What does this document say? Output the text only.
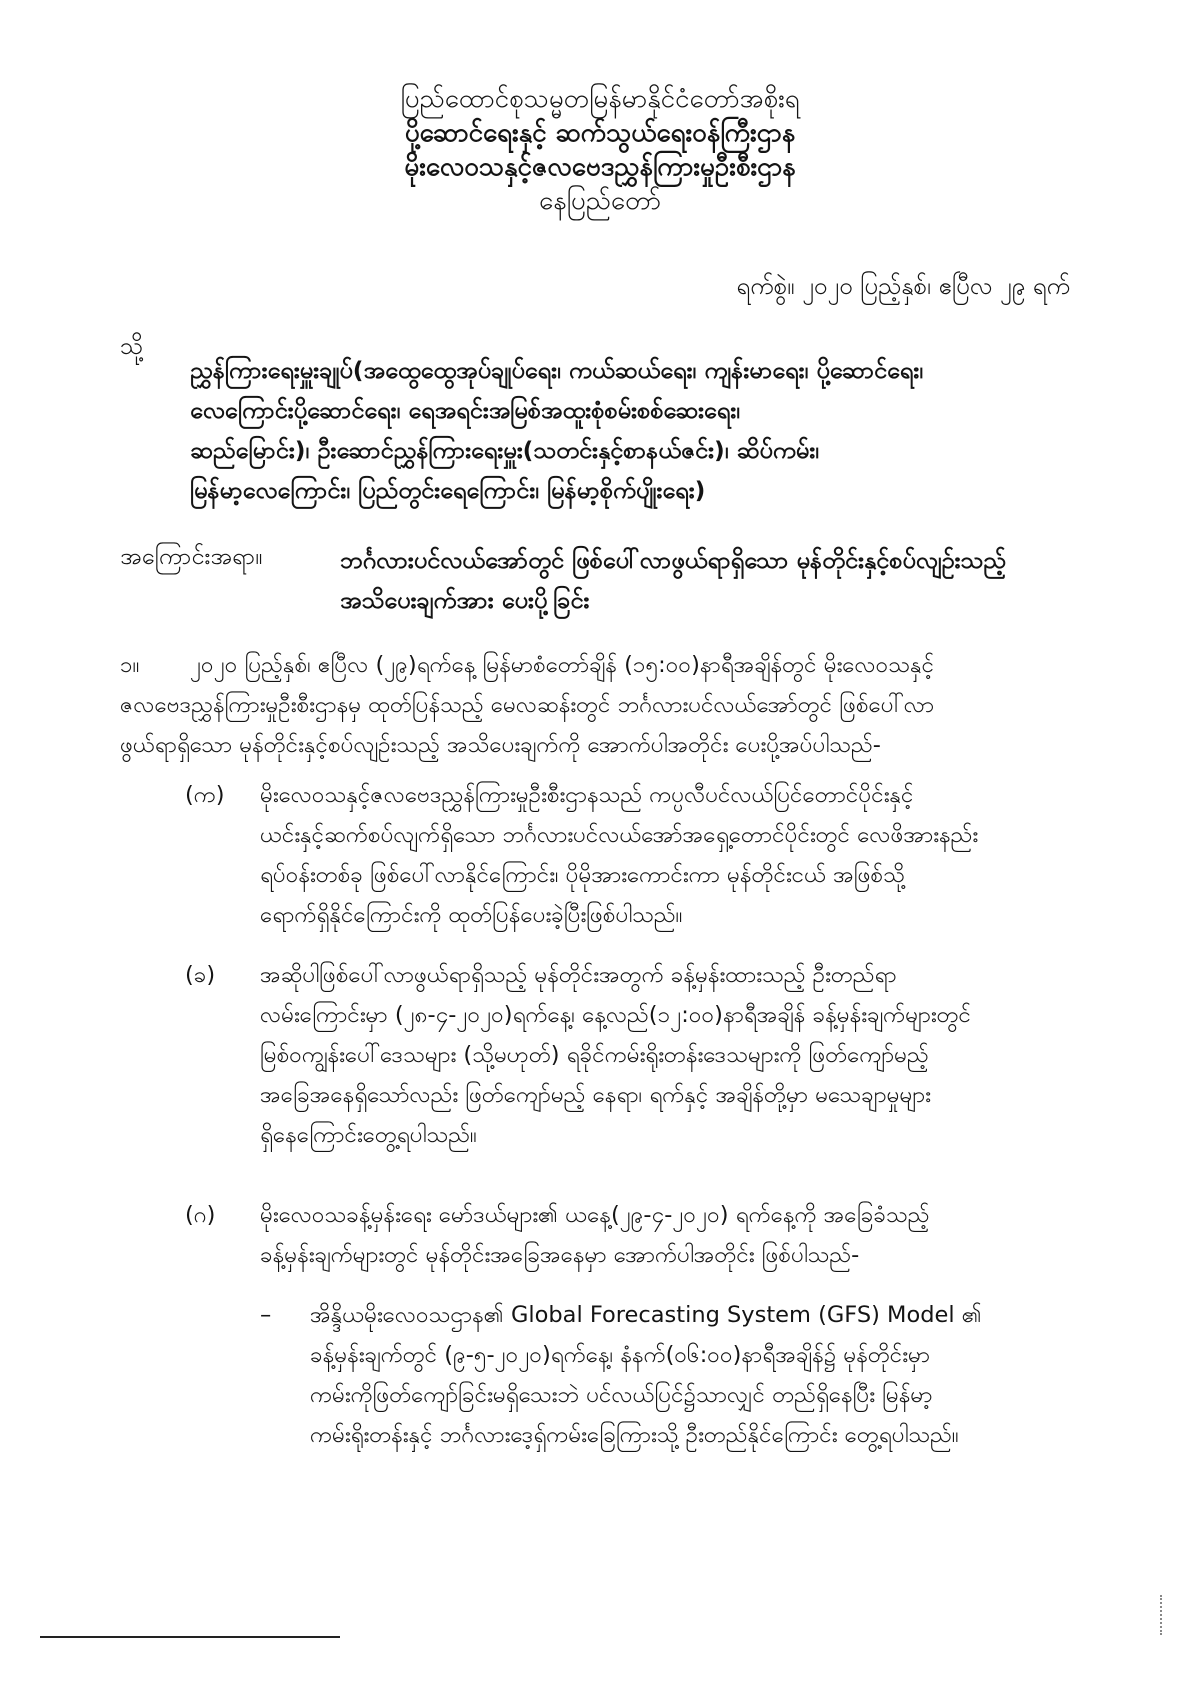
ပြည်ထောင်စုသမ္မတမြန်မာနိုင်ငံတော်အစိုးရ
ပို့ဆောင်ရေးနှင့် ဆက်သွယ်ရေးဝန်ကြီးဌာန
မိုးလေဝသနှင့်ဇလဗေဒညွှန်ကြားမှုဦးစီးဌာန
နေပြည်တော်
ရက်စွဲ။ ၂၀၂၀ ပြည့်နှစ်၊ ဧပြီလ ၂၉ ရက်
သို့
ညွှန်ကြားရေးမှူးချုပ်(အထွေထွေအုပ်ချုပ်ရေး၊ ကယ်ဆယ်ရေး၊ ကျန်းမာရေး၊ ပို့ဆောင်ရေး၊
လေကြောင်းပို့ဆောင်ရေး၊ ရေအရင်းအမြစ်အထူးစုံစမ်းစစ်ဆေးရေး၊
ဆည်မြောင်း)၊ ဦးဆောင်ညွှန်ကြားရေးမှူး(သတင်းနှင့်စာနယ်ဇင်း)၊ ဆိပ်ကမ်း၊
မြန်မာ့လေကြောင်း၊ ပြည်တွင်းရေကြောင်း၊ မြန်မာ့စိုက်ပျိုးရေး)
အကြောင်းအရာ။	ဘင်္ဂလားပင်လယ်အော်တွင် ဖြစ်ပေါ်လာဖွယ်ရာရှိသော မုန်တိုင်းနှင့်စပ်လျဉ်းသည့်
အသိပေးချက်အား ပေးပို့ခြင်း
၁။ ၂၀၂၀ ပြည့်နှစ်၊ ဧပြီလ (၂၉)ရက်နေ့ မြန်မာစံတော်ချိန် (၁၅:၀၀)နာရီအချိန်တွင် မိုးလေဝသနှင့်
ဇလဗေဒညွှန်ကြားမှုဦးစီးဌာနမှ ထုတ်ပြန်သည့် မေလဆန်းတွင် ဘင်္ဂလားပင်လယ်အော်တွင် ဖြစ်ပေါ်လာ
ဖွယ်ရာရှိသော မုန်တိုင်းနှင့်စပ်လျဉ်းသည့် အသိပေးချက်ကို အောက်ပါအတိုင်း ပေးပို့အပ်ပါသည်-
(က) မိုးလေဝသနှင့်ဇလဗေဒညွှန်ကြားမှုဦးစီးဌာနသည် ကပ္ပလီပင်လယ်ပြင်တောင်ပိုင်းနှင့်
ယင်းနှင့်ဆက်စပ်လျက်ရှိသော ဘင်္ဂလားပင်လယ်အော်အရှေ့တောင်ပိုင်းတွင် လေဖိအားနည်း
ရပ်ဝန်းတစ်ခု ဖြစ်ပေါ်လာနိုင်ကြောင်း၊ ပိုမိုအားကောင်းကာ မုန်တိုင်းငယ် အဖြစ်သို့
ရောက်ရှိနိုင်ကြောင်းကို ထုတ်ပြန်ပေးခဲ့ပြီးဖြစ်ပါသည်။
(ခ) အဆိုပါဖြစ်ပေါ်လာဖွယ်ရာရှိသည့် မုန်တိုင်းအတွက် ခန့်မှန်းထားသည့် ဦးတည်ရာ
လမ်းကြောင်းမှာ (၂၈-၄-၂၀၂၀)ရက်နေ့၊ နေ့လည်(၁၂:၀၀)နာရီအချိန် ခန့်မှန်းချက်များတွင်
မြစ်ဝကျွန်းပေါ်ဒေသများ (သို့မဟုတ်) ရခိုင်ကမ်းရိုးတန်းဒေသများကို ဖြတ်ကျော်မည့်
အခြေအနေရှိသော်လည်း ဖြတ်ကျော်မည့် နေရာ၊ ရက်နှင့် အချိန်တို့မှာ မသေချာမှုများ
ရှိနေကြောင်းတွေ့ရပါသည်။
(ဂ) မိုးလေဝသခန့်မှန်းရေး မော်ဒယ်များ၏ ယနေ့(၂၉-၄-၂၀၂၀) ရက်နေ့ကို အခြေခံသည့်
ခန့်မှန်းချက်များတွင် မုန်တိုင်းအခြေအနေမှာ အောက်ပါအတိုင်း ဖြစ်ပါသည်-
– အိန္ဒိယမိုးလေဝသဌာန၏ Global Forecasting System (GFS) Model ၏
ခန့်မှန်းချက်တွင် (၉-၅-၂၀၂၀)ရက်နေ့၊ နံနက်(၀၆:၀၀)နာရီအချိန်၌ မုန်တိုင်းမှာ
ကမ်းကိုဖြတ်ကျော်ခြင်းမရှိသေးဘဲ ပင်လယ်ပြင်၌သာလျှင် တည်ရှိနေပြီး မြန်မာ့
ကမ်းရိုးတန်းနှင့် ဘင်္ဂလားဒေ့ရှ်ကမ်းခြေကြားသို့ ဦးတည်နိုင်ကြောင်း တွေ့ရပါသည်။
